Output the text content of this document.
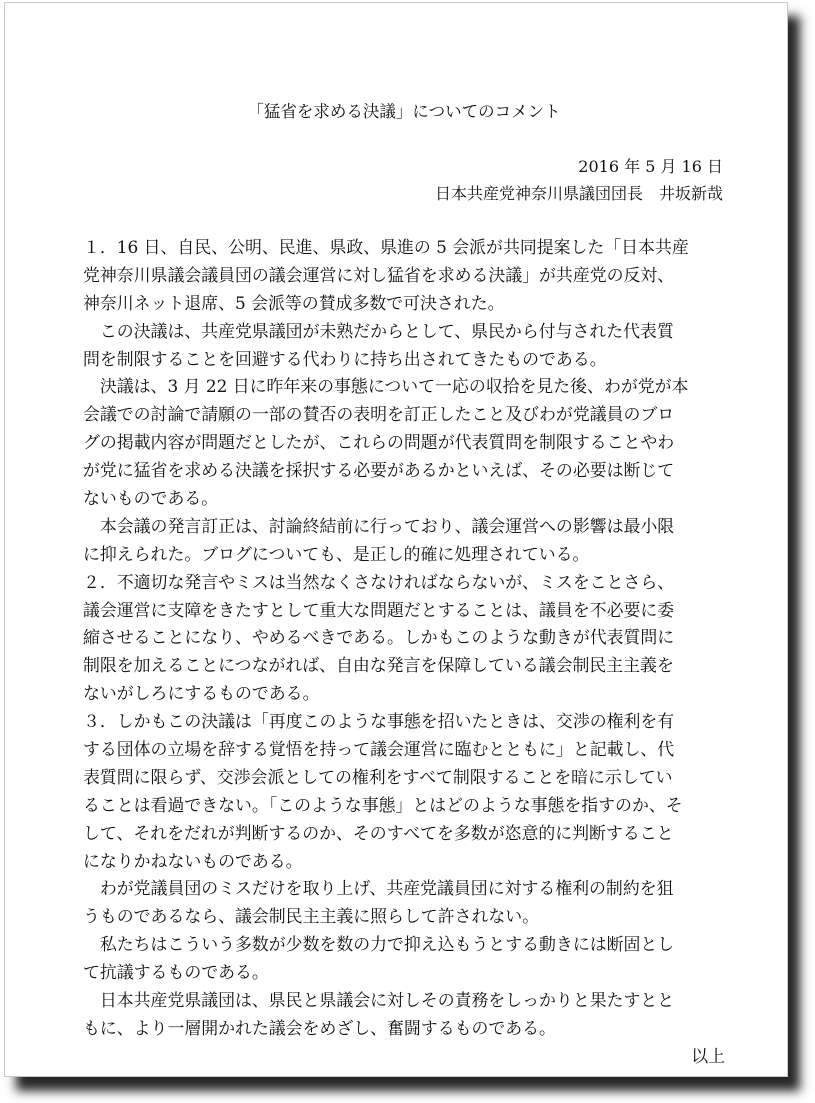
「猛省を求める決議」についてのコメント
2016 年 5 月 16 日
日本共産党神奈川県議団団長　井坂新哉
１．16 日、自民、公明、民進、県政、県進の 5 会派が共同提案した「日本共産
党神奈川県議会議員団の議会運営に対し猛省を求める決議」が共産党の反対、
神奈川ネット退席、5 会派等の賛成多数で可決された。
　この決議は、共産党県議団が未熟だからとして、県民から付与された代表質
問を制限することを回避する代わりに持ち出されてきたものである。
　決議は、3 月 22 日に昨年来の事態について一応の収拾を見た後、わが党が本
会議での討論で請願の一部の賛否の表明を訂正したこと及びわが党議員のブロ
グの掲載内容が問題だとしたが、これらの問題が代表質問を制限することやわ
が党に猛省を求める決議を採択する必要があるかといえば、その必要は断じて
ないものである。
　本会議の発言訂正は、討論終結前に行っており、議会運営への影響は最小限
に抑えられた。ブログについても、是正し的確に処理されている。
２．不適切な発言やミスは当然なくさなければならないが、ミスをことさら、
議会運営に支障をきたすとして重大な問題だとすることは、議員を不必要に委
縮させることになり、やめるべきである。しかもこのような動きが代表質問に
制限を加えることにつながれば、自由な発言を保障している議会制民主主義を
ないがしろにするものである。
３．しかもこの決議は「再度このような事態を招いたときは、交渉の権利を有
する団体の立場を辞する覚悟を持って議会運営に臨むとともに」と記載し、代
表質問に限らず、交渉会派としての権利をすべて制限することを暗に示してい
ることは看過できない。「このような事態」とはどのような事態を指すのか、そ
して、それをだれが判断するのか、そのすべてを多数が恣意的に判断すること
になりかねないものである。
　わが党議員団のミスだけを取り上げ、共産党議員団に対する権利の制約を狙
うものであるなら、議会制民主主義に照らして許されない。
　私たちはこういう多数が少数を数の力で抑え込もうとする動きには断固とし
て抗議するものである。
　日本共産党県議団は、県民と県議会に対しその責務をしっかりと果たすとと
もに、より一層開かれた議会をめざし、奮闘するものである。
以上
